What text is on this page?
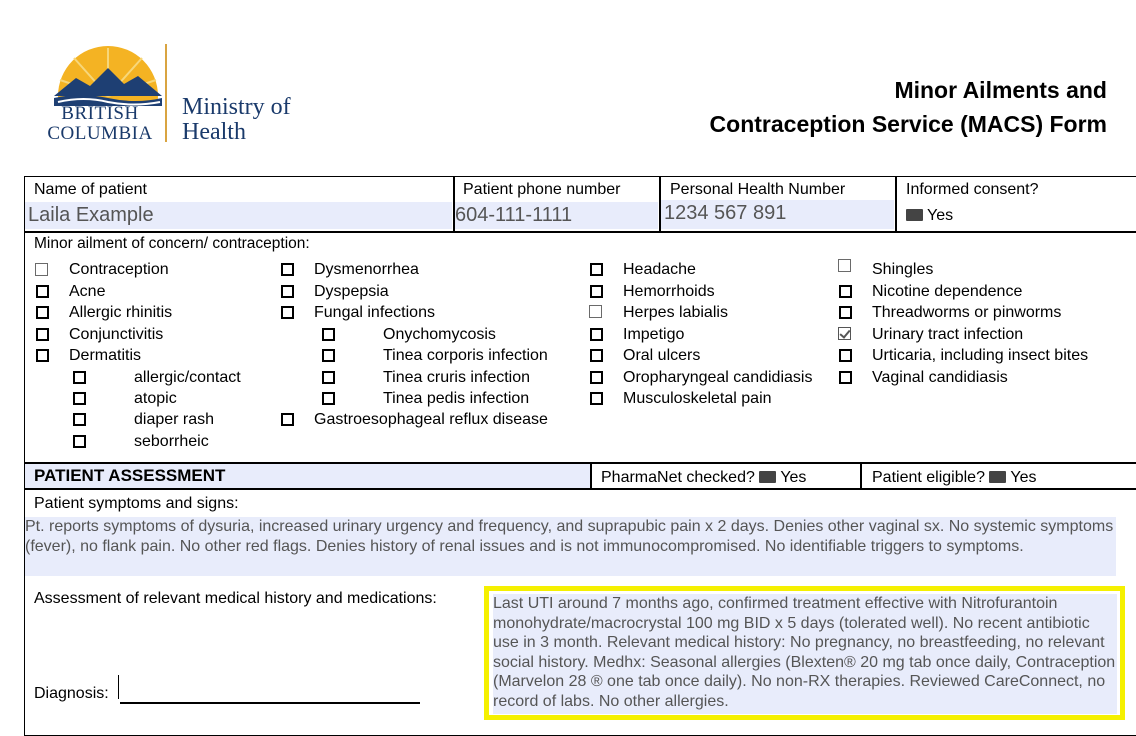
BRITISH
COLUMBIA
Ministry of
Health
Minor Ailments and
Contraception Service (MACS) Form
Name of patient
Laila Example
Patient phone number
604-111-1111
Personal Health Number
1234 567 891
Informed consent?
Yes
Minor ailment of concern/ contraception:
Contraception
Acne
Allergic rhinitis
Conjunctivitis
Dermatitis
allergic/contact
atopic
diaper rash
seborrheic
Dysmenorrhea
Dyspepsia
Fungal infections
Onychomycosis
Tinea corporis infection
Tinea cruris infection
Tinea pedis infection
Gastroesophageal reflux disease
Headache
Hemorrhoids
Herpes labialis
Impetigo
Oral ulcers
Oropharyngeal candidiasis
Musculoskeletal pain
Shingles
Nicotine dependence
Threadworms or pinworms
Urinary tract infection
Urticaria, including insect bites
Vaginal candidiasis
PATIENT ASSESSMENT	PharmaNet checked? Yes	Patient eligible? Yes
Patient symptoms and signs:
Pt. reports symptoms of dysuria, increased urinary urgency and frequency, and suprapubic pain x 2 days. Denies other vaginal sx. No systemic symptoms (fever), no flank pain. No other red flags. Denies history of renal issues and is not immunocompromised. No identifiable triggers to symptoms.
Assessment of relevant medical history and medications:	Last UTI around 7 months ago, confirmed treatment effective with Nitrofurantoin monohydrate/macrocrystal 100 mg BID x 5 days (tolerated well). No recent antibiotic use in 3 month. Relevant medical history: No pregnancy, no breastfeeding, no relevant social history. Medhx: Seasonal allergies (Blexten® 20 mg tab once daily, Contraception (Marvelon 28 ® one tab once daily). No non-RX therapies. Reviewed CareConnect, no record of labs. No other allergies.
Diagnosis:
